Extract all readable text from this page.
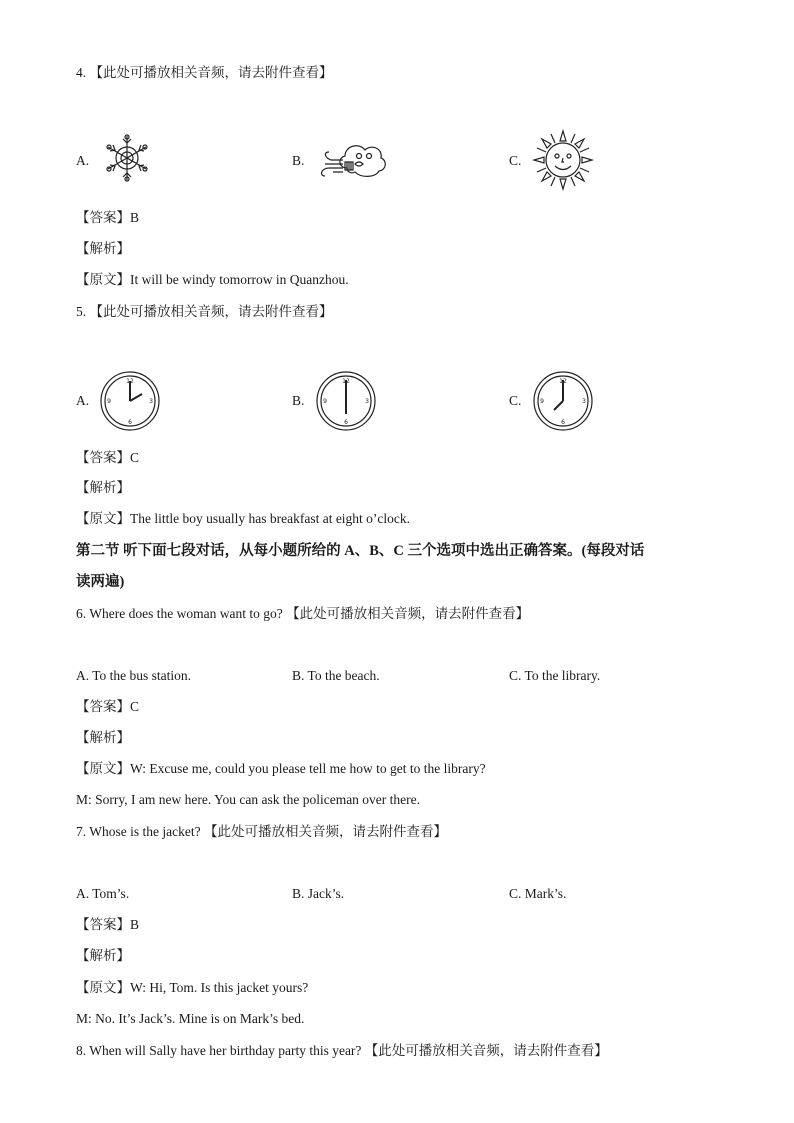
4. 【此处可播放相关音频，请去附件查看】
A.	B.	C.
【答案】B
【解析】
【原文】It will be windy tomorrow in Quanzhou.
5. 【此处可播放相关音频，请去附件查看】
A.
12
6
3
9	B.
12
6
3
9	C.
12
6
3
9
【答案】C
【解析】
【原文】The little boy usually has breakfast at eight o’clock.
第二节 听下面七段对话，从每小题所给的 A、B、C 三个选项中选出正确答案。(每段对话
读两遍)
6. Where does the woman want to go? 【此处可播放相关音频，请去附件查看】
A. To the bus station.	B. To the beach.	C. To the library.
【答案】C
【解析】
【原文】W: Excuse me, could you please tell me how to get to the library?
M: Sorry, I am new here. You can ask the policeman over there.
7. Whose is the jacket? 【此处可播放相关音频，请去附件查看】
A. Tom’s.	B. Jack’s.	C. Mark’s.
【答案】B
【解析】
【原文】W: Hi, Tom. Is this jacket yours?
M: No. It’s Jack’s. Mine is on Mark’s bed.
8. When will Sally have her birthday party this year? 【此处可播放相关音频，请去附件查看】
